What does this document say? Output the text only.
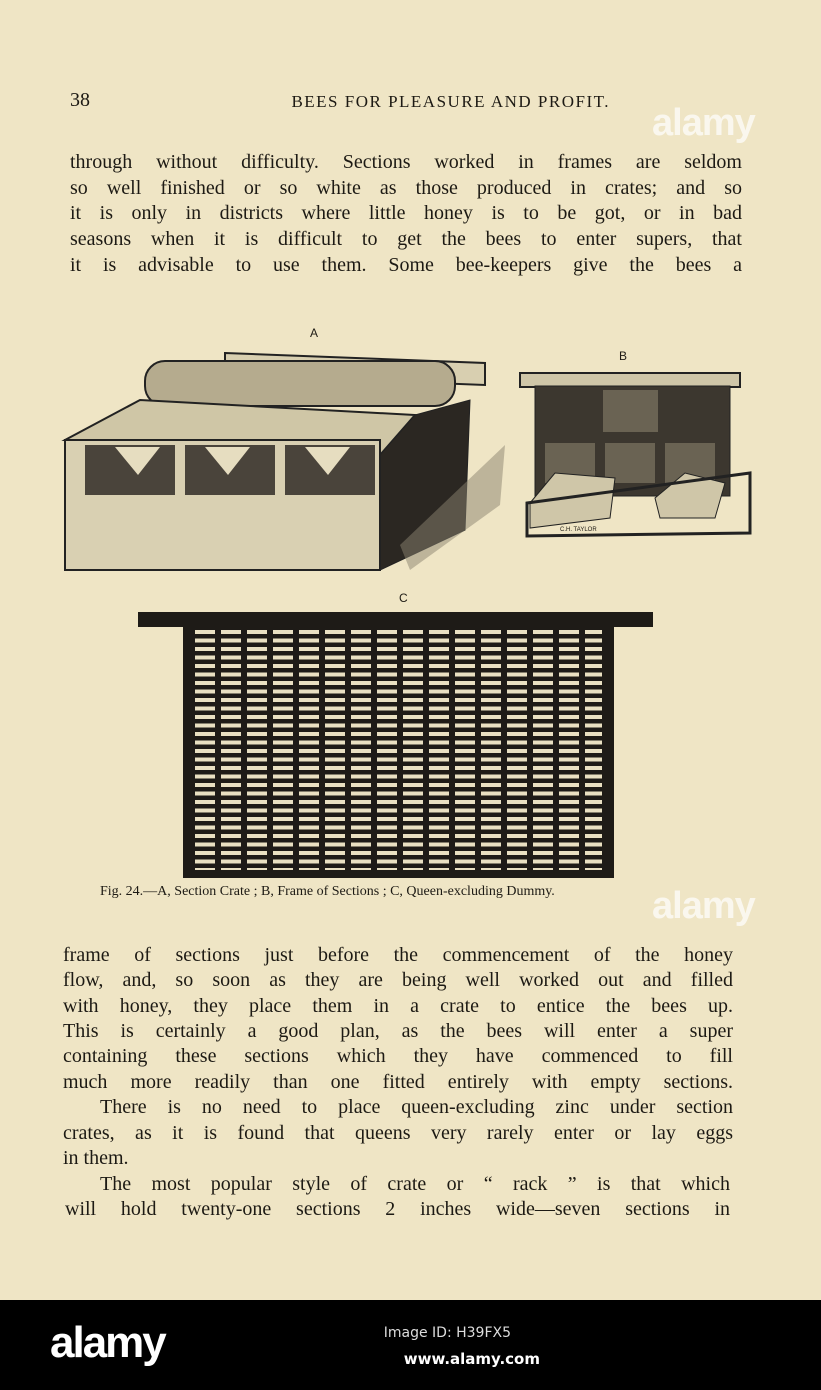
38	BEES FOR PLEASURE AND PROFIT.
through without difficulty. Sections worked in frames are seldom
so well finished or so white as those produced in crates; and so
it is only in districts where little honey is to be got, or in bad
seasons when it is difficult to get the bees to enter supers, that
it is advisable to use them. Some bee-keepers give the bees a
A
B
C.H. TAYLOR
C
Fig. 24.—A, Section Crate ; B, Frame of Sections ; C, Queen-excluding Dummy.
frame of sections just before the commencement of the honey
flow, and, so soon as they are being well worked out and filled
with honey, they place them in a crate to entice the bees up.
This is certainly a good plan, as the bees will enter a super
containing these sections which they have commenced to fill
much more readily than one fitted entirely with empty sections.
There is no need to place queen-excluding zinc under section
crates, as it is found that queens very rarely enter or lay eggs
in them.
The most popular style of crate or “ rack ” is that which
will hold twenty-one sections 2 inches wide—seven sections in
alamy
alamy
alamy	Image ID: H39FX5
www.alamy.com
